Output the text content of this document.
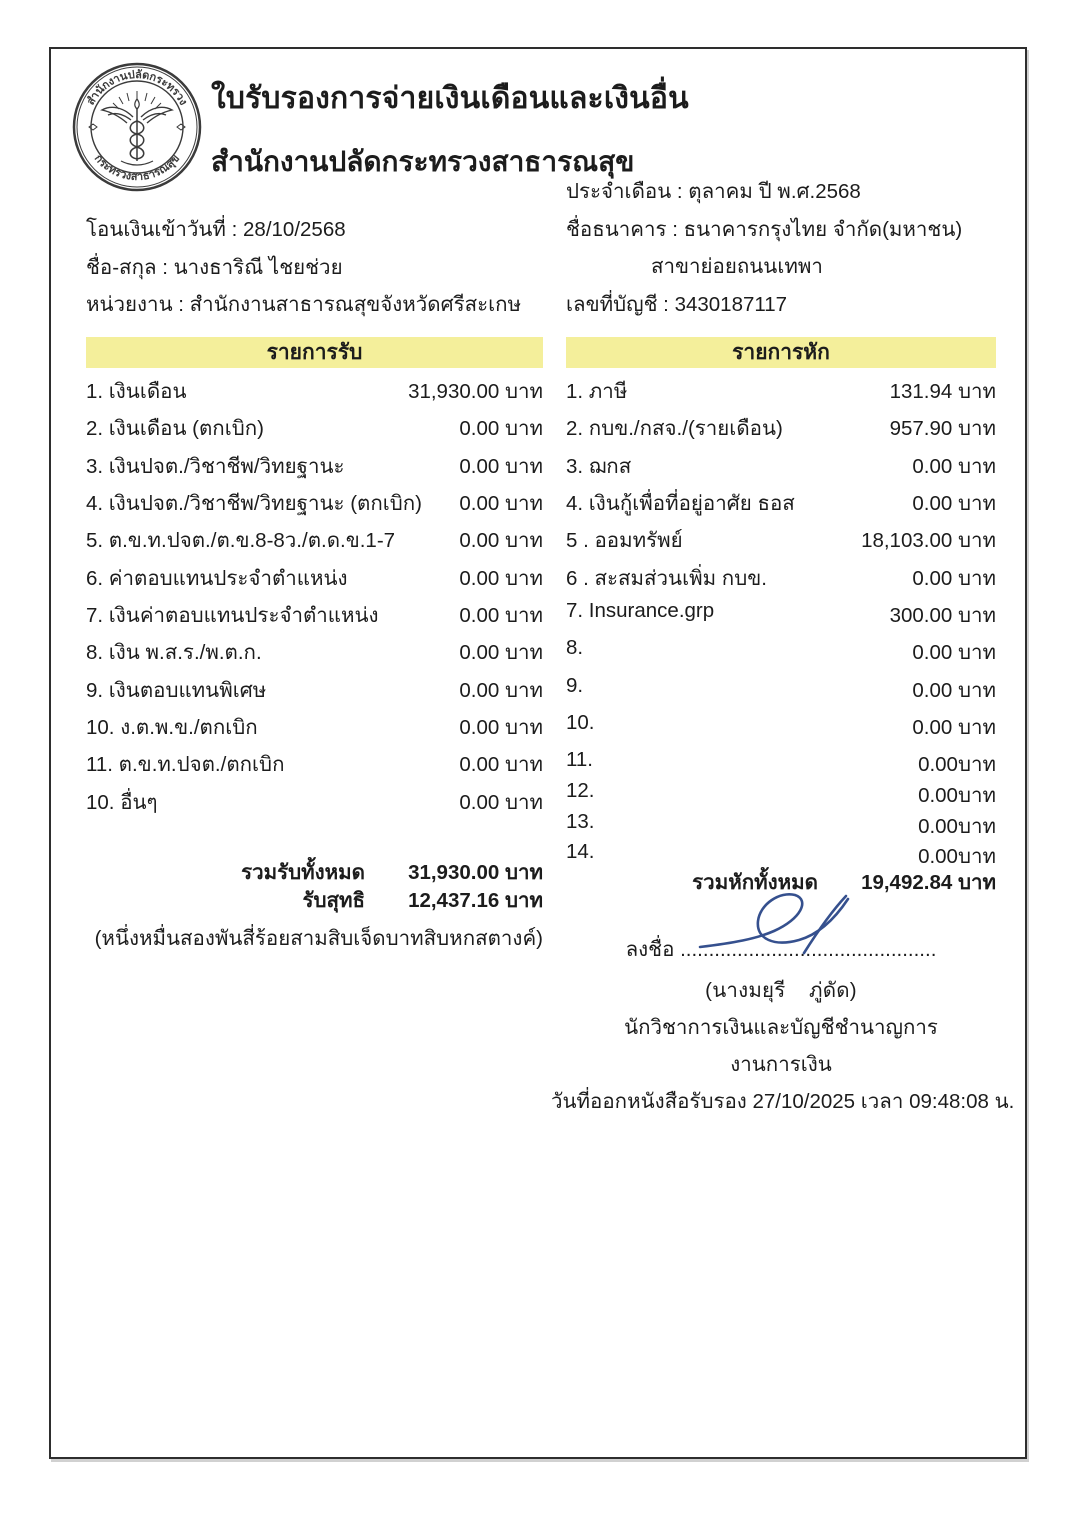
สำนักงานปลัดกระทรวง
กระทรวงสาธารณสุข
ใบรับรองการจ่ายเงินเดือนและเงินอื่น
สำนักงานปลัดกระทรวงสาธารณสุข
ประจำเดือน : ตุลาคม ปี พ.ศ.2568
ชื่อธนาคาร : ธนาคารกรุงไทย จำกัด(มหาชน)
สาขาย่อยถนนเทพา
เลขที่บัญชี : 3430187117
โอนเงินเข้าวันที่ : 28/10/2568
ชื่อ-สกุล : นางธาริณี ไชยช่วย
หน่วยงาน : สำนักงานสาธารณสุขจังหวัดศรีสะเกษ
รายการรับ	รายการหัก
1. เงินเดือน	31,930.00 บาท
2. เงินเดือน (ตกเบิก)	0.00 บาท
3. เงินปจต./วิชาชีพ/วิทยฐานะ	0.00 บาท
4. เงินปจต./วิชาชีพ/วิทยฐานะ (ตกเบิก) 0.00 บาท
5. ต.ข.ท.ปจต./ต.ข.8-8ว./ต.ด.ข.1-7	0.00 บาท
6. ค่าตอบแทนประจำตำแหน่ง	0.00 บาท
7. เงินค่าตอบแทนประจำตำแหน่ง	0.00 บาท
8. เงิน พ.ส.ร./พ.ต.ก.	0.00 บาท
9. เงินตอบแทนพิเศษ	0.00 บาท
10. ง.ต.พ.ข./ตกเบิก	0.00 บาท
11. ต.ข.ท.ปจต./ตกเบิก	0.00 บาท
10. อื่นๆ	0.00 บาท
1. ภาษี	131.94 บาท
2. กบข./กสจ./(รายเดือน)	957.90 บาท
3. ฌกส	0.00 บาท
4. เงินกู้เพื่อที่อยู่อาศัย ธอส	0.00 บาท
5 . ออมทรัพย์	18,103.00 บาท
6 . สะสมส่วนเพิ่ม กบข.	0.00 บาท
7. Insurance.grp	300.00 บาท
8.	0.00 บาท
9.	0.00 บาท
10.	0.00 บาท
11.	0.00บาท
12.	0.00บาท
13.	0.00บาท
14.	0.00บาท
รวมรับทั้งหมด	31,930.00 บาท
รับสุทธิ	12,437.16 บาท
(หนึ่งหมื่นสองพันสี่ร้อยสามสิบเจ็ดบาทสิบหกสตางค์)
รวมหักทั้งหมด	19,492.84 บาท
ลงชื่อ .............................................
(นางมยุรี    ภู่ดัด)
นักวิชาการเงินและบัญชีชำนาญการ
งานการเงิน
วันที่ออกหนังสือรับรอง 27/10/2025 เวลา 09:48:08 น.
